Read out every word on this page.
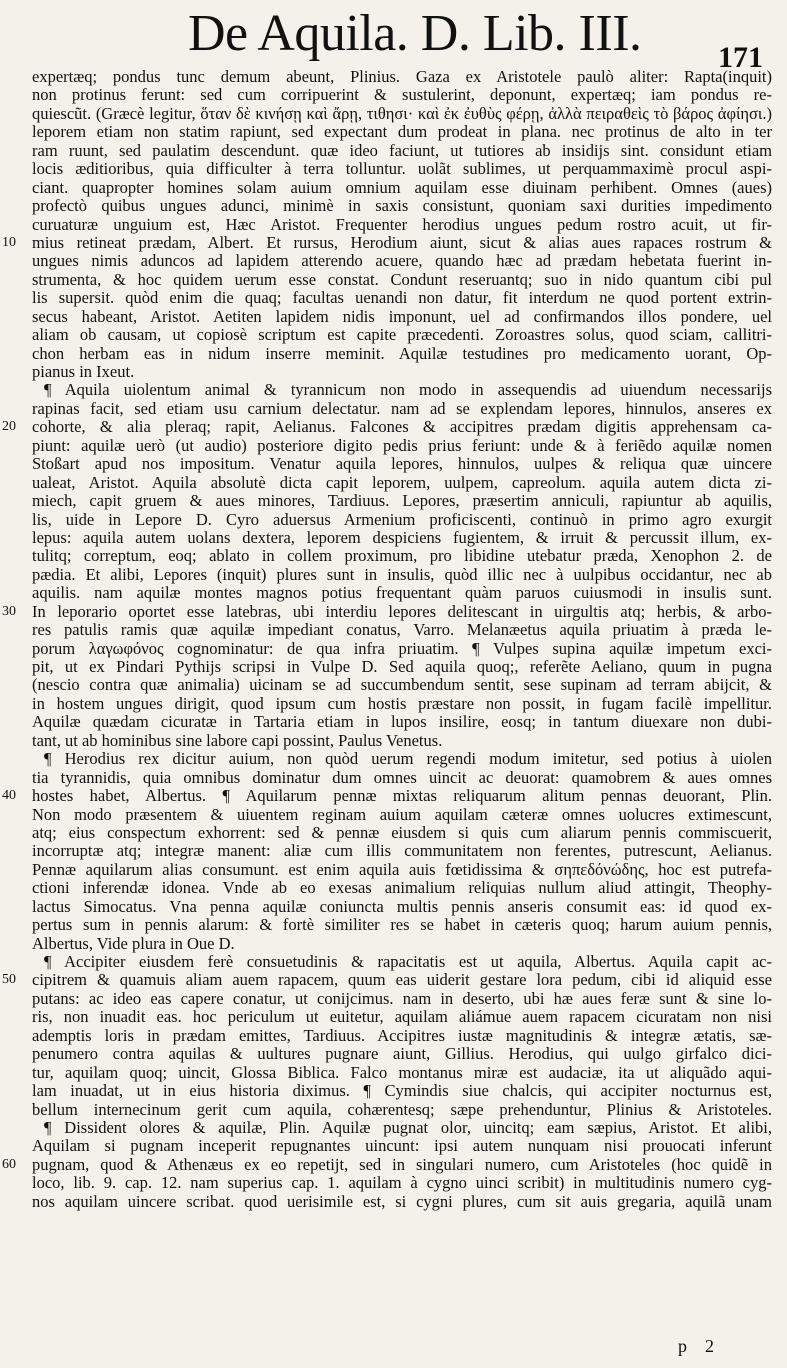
De Aquila. D. Lib. III.	171
expertæq; pondus tunc demum abeunt, Plinius. Gaza ex Aristotele paulò aliter: Rapta(inquit)
non protinus ferunt: sed cum corripuerint & sustulerint, deponunt, expertæq; iam pondus re-
quiescũt. (Græcè legitur, ὅταν δὲ κινήσῃ καὶ ἄρῃ, τιθησι· καὶ ἐκ ἐυθὺς φέρῃ, ἀλλὰ πειραθεὶς τὸ βάρος ἀφίησι.)
leporem etiam non statim rapiunt, sed expectant dum prodeat in plana. nec protinus de alto in ter
ram ruunt, sed paulatim descendunt. quæ ideo faciunt, ut tutiores ab insidijs sint. considunt etiam
locis æditioribus, quia difficulter à terra tolluntur. uolãt sublimes, ut perquammaximè procul aspi-
ciant. quapropter homines solam auium omnium aquilam esse diuinam perhibent. Omnes (aues)
profectò quibus ungues adunci, minimè in saxis consistunt, quoniam saxi durities impedimento
curuaturæ unguium est, Hæc Aristot. Frequenter herodius ungues pedum rostro acuit, ut fir-
10 mius retineat prædam, Albert. Et rursus, Herodium aiunt, sicut & alias aues rapaces rostrum &
ungues nimis aduncos ad lapidem atterendo acuere, quando hæc ad prædam hebetata fuerint in-
strumenta, & hoc quidem uerum esse constat. Condunt reseruantq; suo in nido quantum cibi pul
lis supersit. quòd enim die quaq; facultas uenandi non datur, fit interdum ne quod portent extrin-
secus habeant, Aristot. Aetiten lapidem nidis imponunt, uel ad confirmandos illos pondere, uel
aliam ob causam, ut copiosè scriptum est capite præcedenti. Zoroastres solus, quod sciam, callitri-
chon herbam eas in nidum inserre meminit. Aquilæ testudines pro medicamento uorant, Op-
pianus in Ixeut.
¶ Aquila uiolentum animal & tyrannicum non modo in assequendis ad uiuendum necessarijs
rapinas facit, sed etiam usu carnium delectatur. nam ad se explendam lepores, hinnulos, anseres ex
20 cohorte, & alia pleraq; rapit, Aelianus. Falcones & accipitres prædam digitis apprehensam ca-
piunt: aquilæ uerò (ut audio) posteriore digito pedis prius feriunt: unde & à feriẽdo aquilæ nomen
Stoßart apud nos impositum. Venatur aquila lepores, hinnulos, uulpes & reliqua quæ uincere
ualeat, Aristot. Aquila absolutè dicta capit leporem, uulpem, capreolum. aquila autem dicta zi-
miech, capit gruem & aues minores, Tardiuus. Lepores, præsertim anniculi, rapiuntur ab aquilis,
lis, uide in Lepore D. Cyro aduersus Armenium proficiscenti, continuò in primo agro exurgit
lepus: aquila autem uolans dextera, leporem despiciens fugientem, & irruit & percussit illum, ex-
tulitq; correptum, eoq; ablato in collem proximum, pro libidine utebatur præda, Xenophon 2. de
pædia. Et alibi, Lepores (inquit) plures sunt in insulis, quòd illic nec à uulpibus occidantur, nec ab
aquilis. nam aquilæ montes magnos potius frequentant quàm paruos cuiusmodi in insulis sunt.
30 In leporario oportet esse latebras, ubi interdiu lepores delitescant in uirgultis atq; herbis, & arbo-
res patulis ramis quæ aquilæ impediant conatus, Varro. Melanæetus aquila priuatim à præda le-
porum λαγωφόνος cognominatur: de qua infra priuatim. ¶ Vulpes supina aquilæ impetum exci-
pit, ut ex Pindari Pythijs scripsi in Vulpe D. Sed aquila quoq;, referẽte Aeliano, quum in pugna
(nescio contra quæ animalia) uicinam se ad succumbendum sentit, sese supinam ad terram abijcit, &
in hostem ungues dirigit, quod ipsum cum hostis præstare non possit, in fugam facilè impellitur.
Aquilæ quædam cicuratæ in Tartaria etiam in lupos insilire, eosq; in tantum diuexare non dubi-
tant, ut ab hominibus sine labore capi possint, Paulus Venetus.
¶ Herodius rex dicitur auium, non quòd uerum regendi modum imitetur, sed potius à uiolen
tia tyrannidis, quia omnibus dominatur dum omnes uincit ac deuorat: quamobrem & aues omnes
40 hostes habet, Albertus. ¶ Aquilarum pennæ mixtas reliquarum alitum pennas deuorant, Plin.
Non modo præsentem & uiuentem reginam auium aquilam cæteræ omnes uolucres extimescunt,
atq; eius conspectum exhorrent: sed & pennæ eiusdem si quis cum aliarum pennis commiscuerit,
incorruptæ atq; integræ manent: aliæ cum illis communitatem non ferentes, putrescunt, Aelianus.
Pennæ aquilarum alias consumunt. est enim aquila auis fœtidissima & σηπεδόνώδης, hoc est putrefa-
ctioni inferendæ idonea. Vnde ab eo exesas animalium reliquias nullum aliud attingit, Theophy-
lactus Simocatus. Vna penna aquilæ coniuncta multis pennis anseris consumit eas: id quod ex-
pertus sum in pennis alarum: & fortè similiter res se habet in cæteris quoq; harum auium pennis,
Albertus, Vide plura in Oue D.
¶ Accipiter eiusdem ferè consuetudinis & rapacitatis est ut aquila, Albertus. Aquila capit ac-
50 cipitrem & quamuis aliam auem rapacem, quum eas uiderit gestare lora pedum, cibi id aliquid esse
putans: ac ideo eas capere conatur, ut conijcimus. nam in deserto, ubi hæ aues feræ sunt & sine lo-
ris, non inuadit eas. hoc periculum ut euitetur, aquilam aliámue auem rapacem cicuratam non nisi
ademptis loris in prædam emittes, Tardiuus. Accipitres iustæ magnitudinis & integræ ætatis, sæ-
penumero contra aquilas & uultures pugnare aiunt, Gillius. Herodius, qui uulgo girfalco dici-
tur, aquilam quoq; uincit, Glossa Biblica. Falco montanus miræ est audaciæ, ita ut aliquãdo aqui-
lam inuadat, ut in eius historia diximus. ¶ Cymindis siue chalcis, qui accipiter nocturnus est,
bellum internecinum gerit cum aquila, cohærentesq; sæpe prehenduntur, Plinius & Aristoteles.
¶ Dissident olores & aquilæ, Plin. Aquilæ pugnat olor, uincitq; eam sæpius, Aristot. Et alibi,
Aquilam si pugnam inceperit repugnantes uincunt: ipsi autem nunquam nisi prouocati inferunt
60 pugnam, quod & Athenæus ex eo repetijt, sed in singulari numero, cum Aristoteles (hoc quidẽ in
loco, lib. 9. cap. 12. nam superius cap. 1. aquilam à cygno uinci scribit) in multitudinis numero cyg-
nos aquilam uincere scribat. quod uerisimile est, si cygni plures, cum sit auis gregaria, aquilã unam
p 2
